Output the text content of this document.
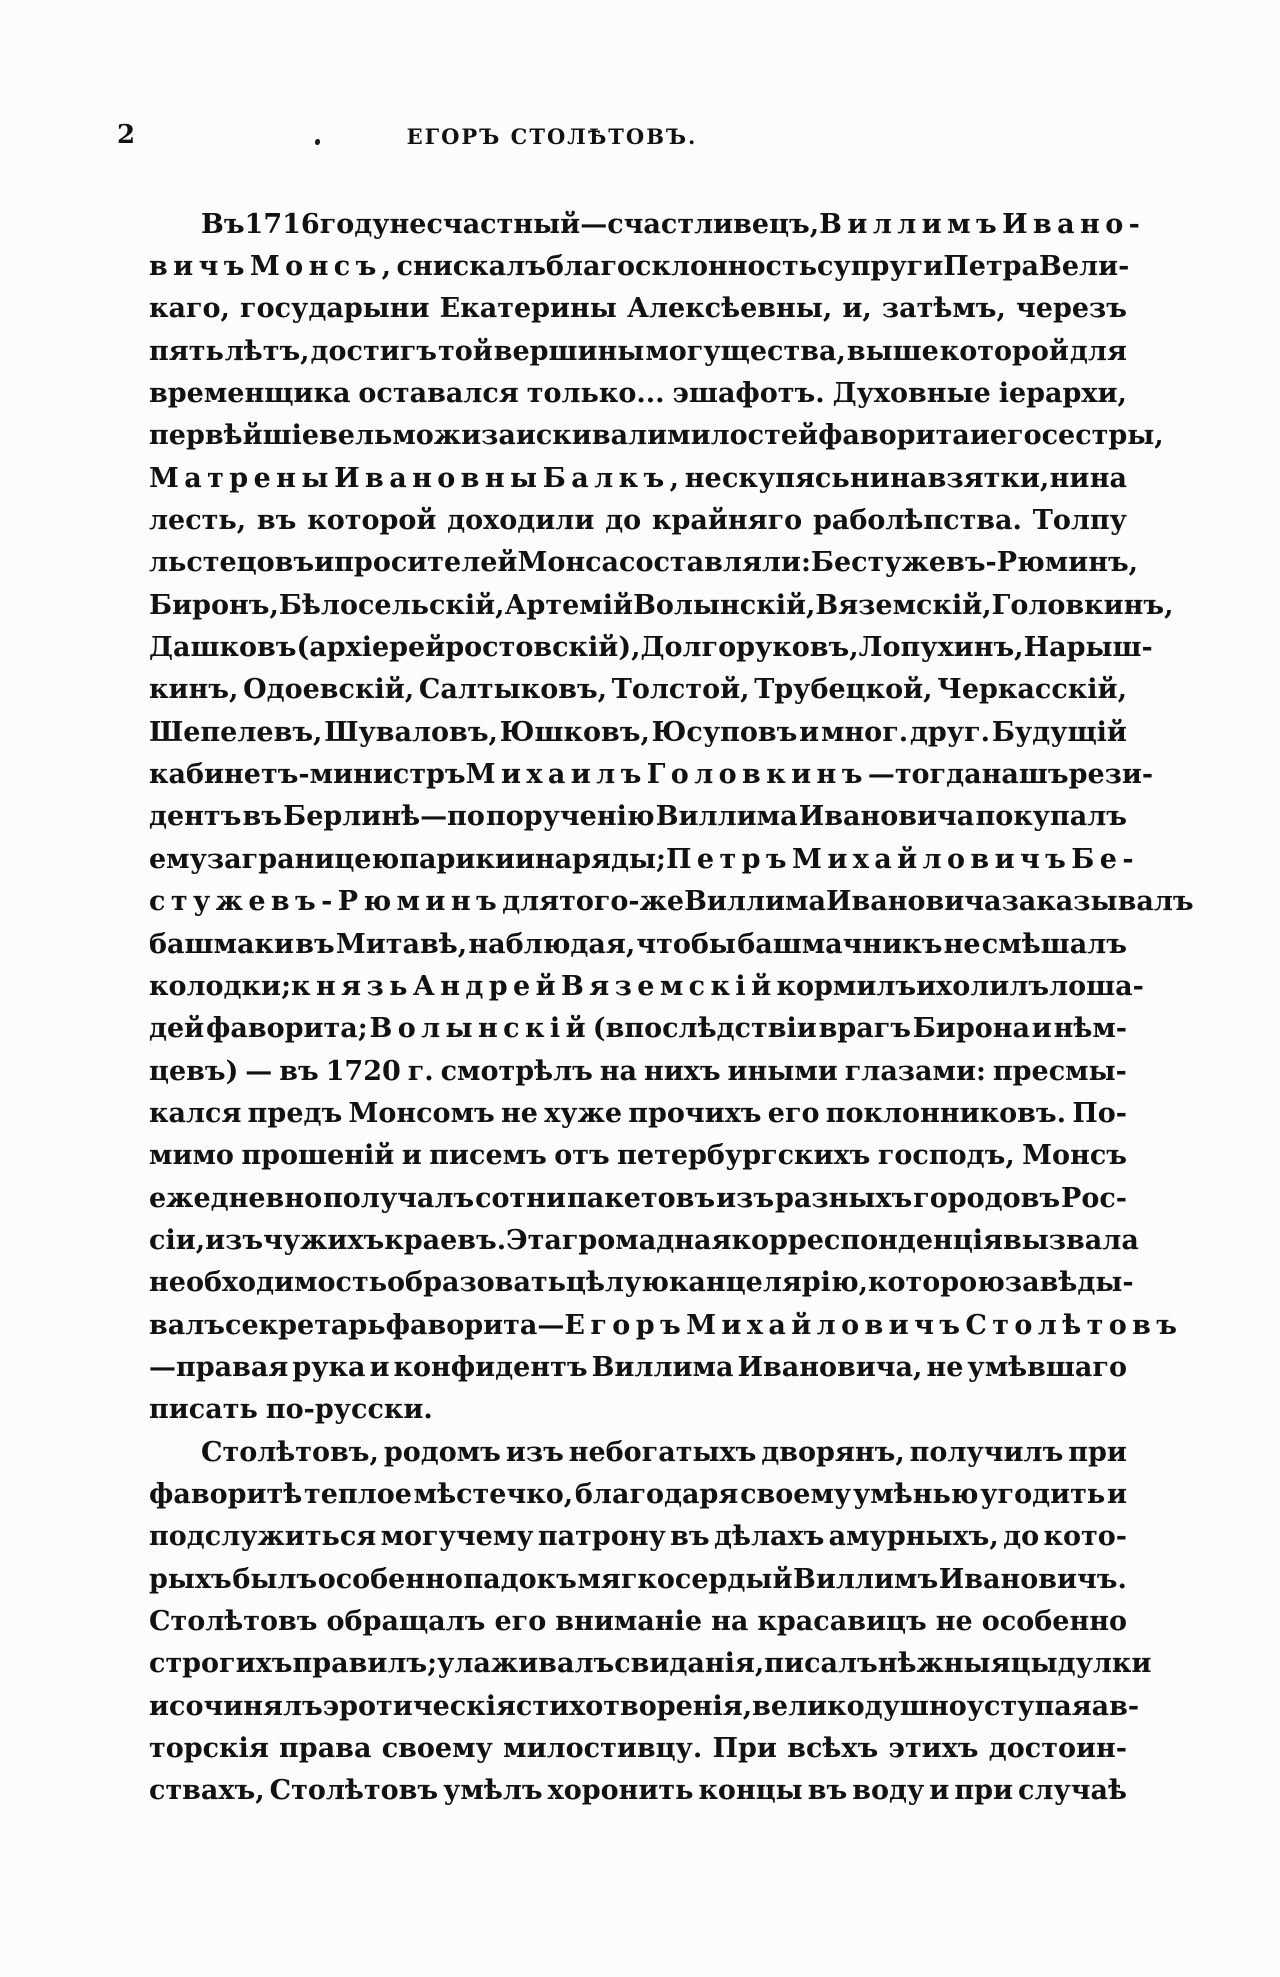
2	ЕГОРЪ СТОЛѢТОВЪ.
Въ 1716 году несчастный—счастливецъ, Виллимъ Ивано-
вичъ Монсъ, снискалъ благосклонность супруги Петра Вели-
каго, государыни Екатерины Алексѣевны, и, затѣмъ, черезъ
пять лѣтъ, достигъ той вершины могущества, выше которой для
временщика оставался только... эшафотъ. Духовные іерархи,
первѣйшіе вельможи заискивали милостей фаворита и его сестры,
Матрены Ивановны Балкъ, не скупясь ни на взятки, ни на
лесть, въ которой доходили до крайняго раболѣпства. Толпу
льстецовъ и просителей Монса составляли: Бестужевъ-Рюминъ,
Биронъ, Бѣлосельскій, Артемій Волынскій, Вяземскій, Головкинъ,
Дашковъ (архіерей ростовскій), Долгоруковъ, Лопухинъ, Нарыш-
кинъ, Одоевскій, Салтыковъ, Толстой, Трубецкой, Черкасскій,
Шепелевъ, Шуваловъ, Юшковъ, Юсуповъ и мног. друг. Будущій
кабинетъ-министръ Михаилъ Головкинъ — тогда нашъ рези-
дентъ въ Берлинѣ—по порученію Виллима Ивановича покупалъ
ему за границею парики и наряды; Петръ Михайловичъ Бе-
стужевъ-Рюминъ для того-же Виллима Ивановича заказывалъ
башмаки въ Митавѣ, наблюдая, чтобы башмачникъ не смѣшалъ
колодки; князь Андрей Вяземскій кормилъ и холилъ лоша-
дей фаворита; Волынскій (впослѣдствіи врагъ Бирона и нѣм-
цевъ) — въ 1720 г. смотрѣлъ на нихъ иными глазами: пресмы-
кался предъ Монсомъ не хуже прочихъ его поклонниковъ. По-
мимо прошеній и писемъ отъ петербургскихъ господъ, Монсъ
ежедневно получалъ сотни пакетовъ изъ разныхъ городовъ Рос-
сіи, изъ чужихъ краевъ. Эта громадная корреспонденція вызвала
необходимость образовать цѣлую канцелярію, которою завѣды-
валъ секретарь фаворита— Егоръ Михайловичъ Столѣтовъ
—правая рука и конфидентъ Виллима Ивановича, не умѣвшаго
писать по-русски.
Столѣтовъ, родомъ изъ небогатыхъ дворянъ, получилъ при
фаворитѣ теплое мѣстечко, благодаря своему умѣнью угодить и
подслужиться могучему патрону въ дѣлахъ амурныхъ, до кото-
рыхъ былъ особенно падокъ мягкосердый Виллимъ Ивановичъ.
Столѣтовъ обращалъ его вниманіе на красавицъ не особенно
строгихъ правилъ; улаживалъ свиданія, писалъ нѣжныя цыдулки
и сочинялъ эротическія стихотворенія, великодушно уступая ав-
торскія права своему милостивцу. При всѣхъ этихъ достоин-
ствахъ, Столѣтовъ умѣлъ хоронить концы въ воду и при случаѣ
